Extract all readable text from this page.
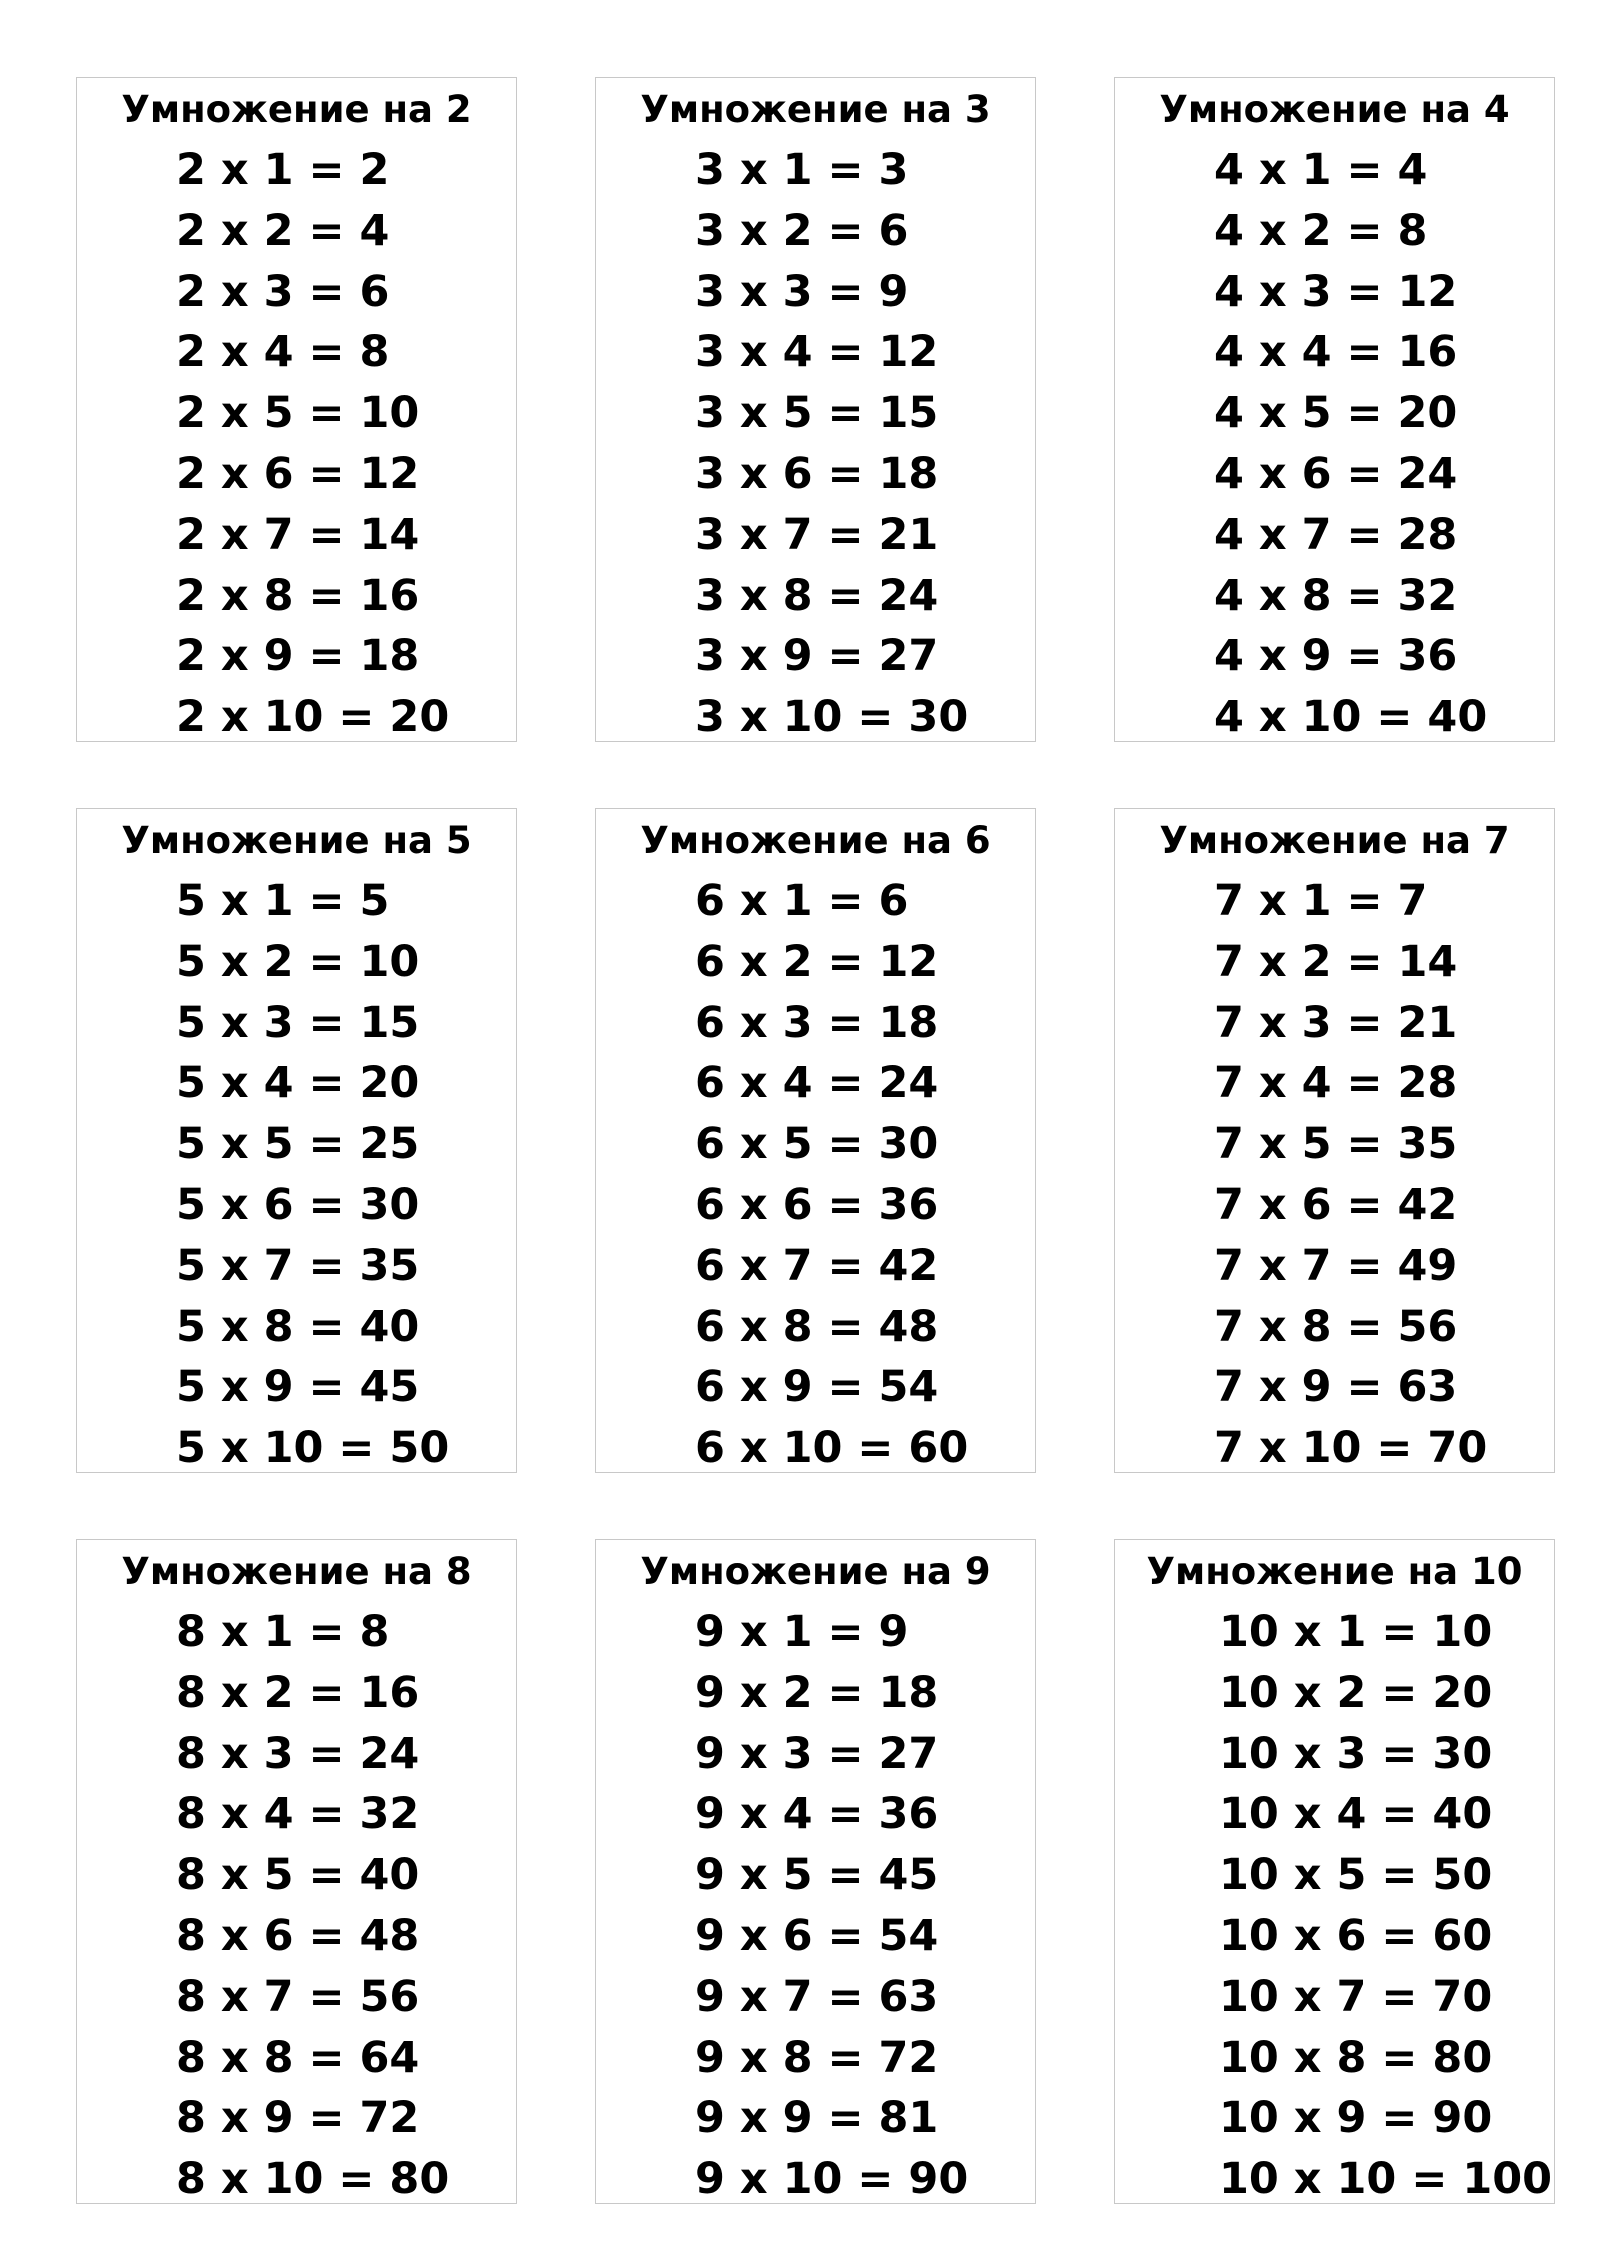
Умножение на 2
2 x 1 = 2
2 x 2 = 4
2 x 3 = 6
2 x 4 = 8
2 x 5 = 10
2 x 6 = 12
2 x 7 = 14
2 x 8 = 16
2 x 9 = 18
2 x 10 = 20
Умножение на 3
3 x 1 = 3
3 x 2 = 6
3 x 3 = 9
3 x 4 = 12
3 x 5 = 15
3 x 6 = 18
3 x 7 = 21
3 x 8 = 24
3 x 9 = 27
3 x 10 = 30
Умножение на 4
4 x 1 = 4
4 x 2 = 8
4 x 3 = 12
4 x 4 = 16
4 x 5 = 20
4 x 6 = 24
4 x 7 = 28
4 x 8 = 32
4 x 9 = 36
4 x 10 = 40
Умножение на 5
5 x 1 = 5
5 x 2 = 10
5 x 3 = 15
5 x 4 = 20
5 x 5 = 25
5 x 6 = 30
5 x 7 = 35
5 x 8 = 40
5 x 9 = 45
5 x 10 = 50
Умножение на 6
6 x 1 = 6
6 x 2 = 12
6 x 3 = 18
6 x 4 = 24
6 x 5 = 30
6 x 6 = 36
6 x 7 = 42
6 x 8 = 48
6 x 9 = 54
6 x 10 = 60
Умножение на 7
7 x 1 = 7
7 x 2 = 14
7 x 3 = 21
7 x 4 = 28
7 x 5 = 35
7 x 6 = 42
7 x 7 = 49
7 x 8 = 56
7 x 9 = 63
7 x 10 = 70
Умножение на 8
8 x 1 = 8
8 x 2 = 16
8 x 3 = 24
8 x 4 = 32
8 x 5 = 40
8 x 6 = 48
8 x 7 = 56
8 x 8 = 64
8 x 9 = 72
8 x 10 = 80
Умножение на 9
9 x 1 = 9
9 x 2 = 18
9 x 3 = 27
9 x 4 = 36
9 x 5 = 45
9 x 6 = 54
9 x 7 = 63
9 x 8 = 72
9 x 9 = 81
9 x 10 = 90
Умножение на 10
10 x 1 = 10
10 x 2 = 20
10 x 3 = 30
10 x 4 = 40
10 x 5 = 50
10 x 6 = 60
10 x 7 = 70
10 x 8 = 80
10 x 9 = 90
10 x 10 = 100
